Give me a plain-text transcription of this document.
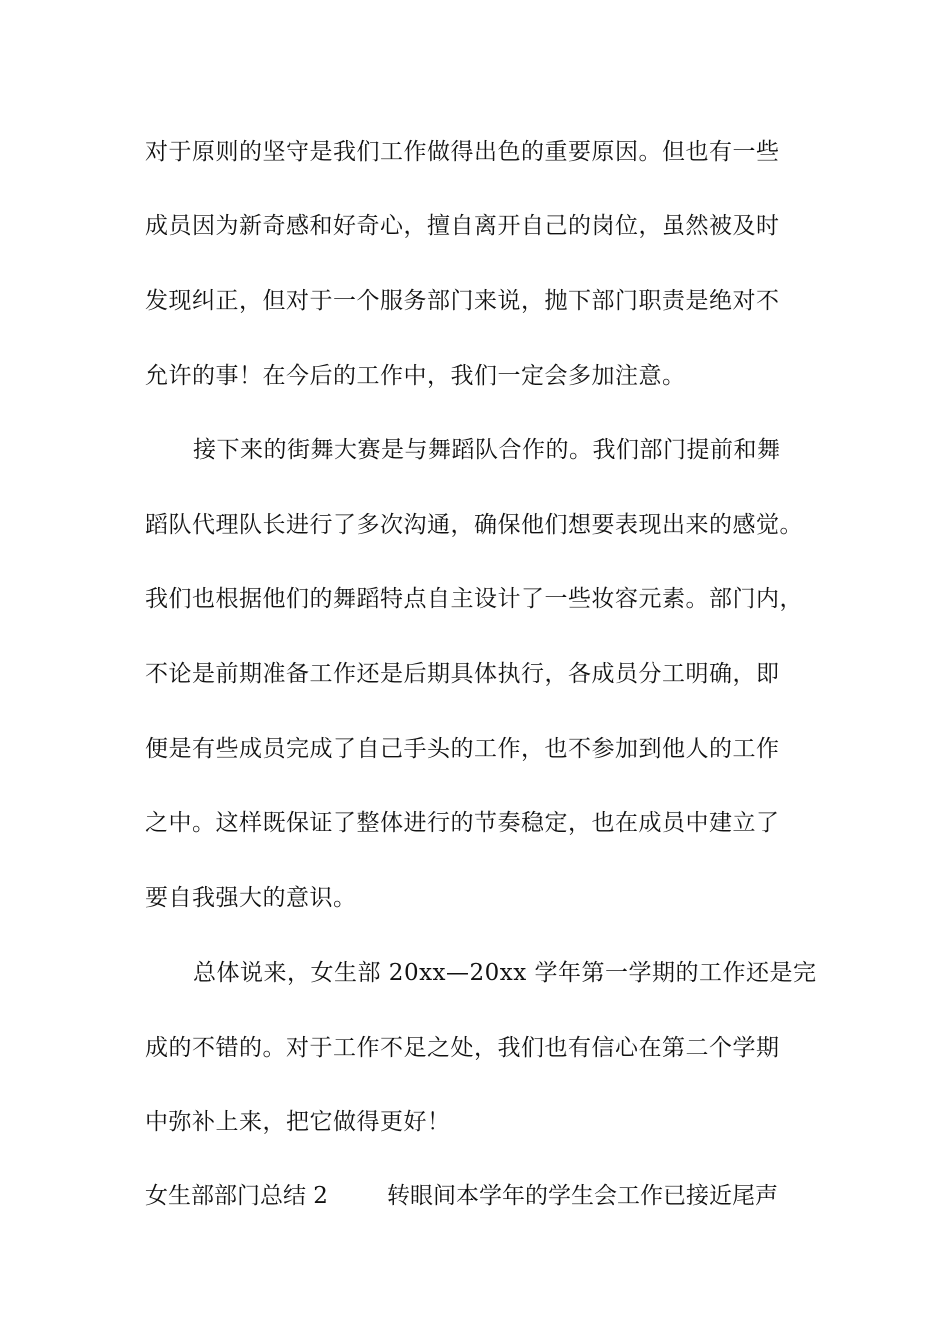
对于原则的坚守是我们工作做得出色的重要原因。但也有一些
成员因为新奇感和好奇心，擅自离开自己的岗位，虽然被及时
发现纠正，但对于一个服务部门来说，抛下部门职责是绝对不
允许的事！在今后的工作中，我们一定会多加注意。
接下来的街舞大赛是与舞蹈队合作的。我们部门提前和舞
蹈队代理队长进行了多次沟通，确保他们想要表现出来的感觉。
我们也根据他们的舞蹈特点自主设计了一些妆容元素。部门内，
不论是前期准备工作还是后期具体执行，各成员分工明确，即
便是有些成员完成了自己手头的工作，也不参加到他人的工作
之中。这样既保证了整体进行的节奏稳定，也在成员中建立了
要自我强大的意识。
总体说来，女生部 20xx—20xx 学年第一学期的工作还是完
成的不错的。对于工作不足之处，我们也有信心在第二个学期
中弥补上来，把它做得更好！
女生部部门总结 2	转眼间本学年的学生会工作已接近尾声
